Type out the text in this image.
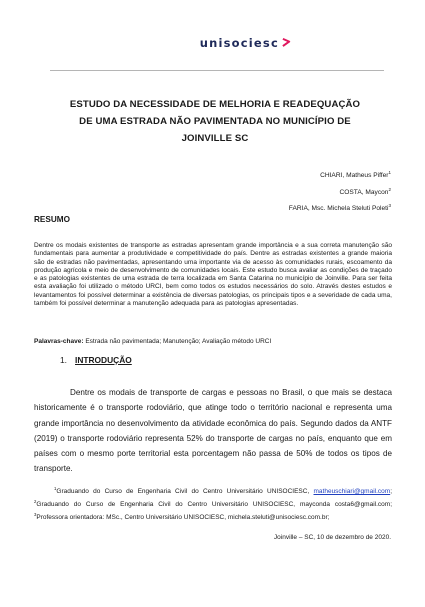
unisociesc
ESTUDO DA NECESSIDADE DE MELHORIA E READEQUAÇÃO
DE UMA ESTRADA NÃO PAVIMENTADA NO MUNICÍPIO DE
JOINVILLE SC
CHIARI, Matheus Piffer$^1$
COSTA, Maycon$^2$
FARIA, Msc. Michela Steluti Poleti$^3$
RESUMO
Dentre os modais existentes de transporte as estradas apresentam grande importância e a sua correta manutenção são fundamentais para aumentar a produtividade e competitividade do país. Dentre as estradas existentes a grande maioria são de estradas não pavimentadas, apresentando uma importante via de acesso às comunidades rurais, escoamento da produção agrícola e meio de desenvolvimento de comunidades locais. Este estudo busca avaliar as condições de traçado e as patologias existentes de uma estrada de terra localizada em Santa Catarina no município de Joinville. Para ser feita esta avaliação foi utilizado o método URCI, bem como todos os estudos necessários do solo. Através destes estudos e levantamentos foi possível determinar a existência de diversas patologias, os principais tipos e a severidade de cada uma, também foi possível determinar a manutenção adequada para as patologias apresentadas.
Palavras-chave: Estrada não pavimentada; Manutenção; Avaliação método URCI
1. INTRODUÇÃO
Dentre os modais de transporte de cargas e pessoas no Brasil, o que mais se destaca historicamente é o transporte rodoviário, que atinge todo o território nacional e representa uma grande importância no desenvolvimento da atividade econômica do país. Segundo dados da ANTF (2019) o transporte rodoviário representa 52% do transporte de cargas no país, enquanto que em países com o mesmo porte territorial esta porcentagem não passa de 50% de todos os tipos de transporte.
$^1$Graduando do Curso de Engenharia Civil do Centro Universitário UNISOCIESC, matheuschiari@gmail.com; $^2$Graduando do Curso de Engenharia Civil do Centro Universitário UNISOCIESC, mayconda costa6@gmail.com; $^3$Professora orientadora: MSc., Centro Universitário UNISOCIESC, michela.steluti@unisociesc.com.br;
Joinville – SC, 10 de dezembro de 2020.
